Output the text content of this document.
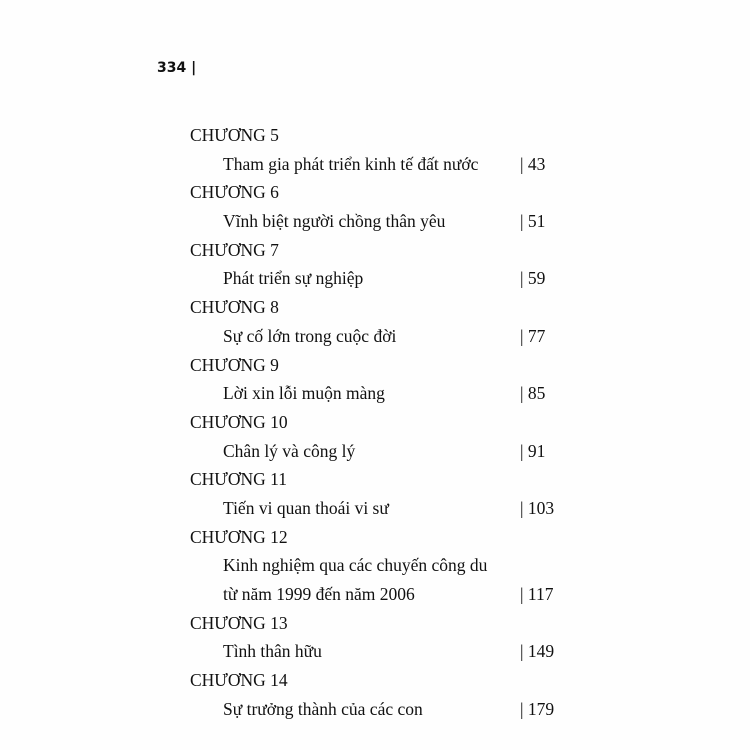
334 |
CHƯƠNG 5
Tham gia phát triển kinh tế đất nước | 43
CHƯƠNG 6
Vĩnh biệt người chồng thân yêu	| 51
CHƯƠNG 7
Phát triển sự nghiệp	| 59
CHƯƠNG 8
Sự cố lớn trong cuộc đời	| 77
CHƯƠNG 9
Lời xin lỗi muộn màng	| 85
CHƯƠNG 10
Chân lý và công lý	| 91
CHƯƠNG 11
Tiến vi quan thoái vi sư	| 103
CHƯƠNG 12
Kinh nghiệm qua các chuyến công du
từ năm 1999 đến năm 2006	| 117
CHƯƠNG 13
Tình thân hữu	| 149
CHƯƠNG 14
Sự trưởng thành của các con	| 179
